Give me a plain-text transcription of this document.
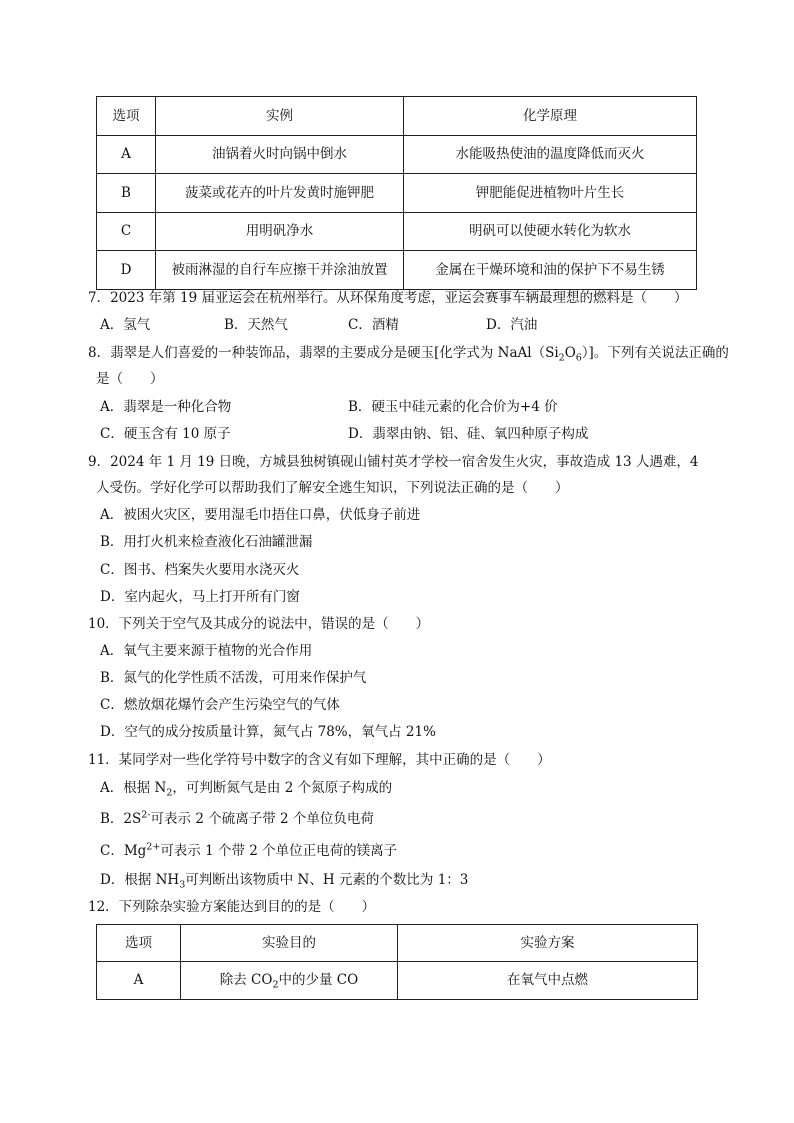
选项	实例	化学原理
A	油锅着火时向锅中倒水	水能吸热使油的温度降低而灭火
B	菠菜或花卉的叶片发黄时施钾肥	钾肥能促进植物叶片生长
C	用明矾净水	明矾可以使硬水转化为软水
D	被雨淋湿的自行车应擦干并涂油放置	金属在干燥环境和油的保护下不易生锈
7．2023 年第 19 届亚运会在杭州举行。从环保角度考虑，亚运会赛事车辆最理想的燃料是（　　）
A．氢气	B．天然气	C．酒精	D．汽油
8．翡翠是人们喜爱的一种装饰品，翡翠的主要成分是硬玉[化学式为 $NaAl(Si_2O_6)$]。下列有关说法正确的
是（　　）
A．翡翠是一种化合物	B．硬玉中硅元素的化合价为+4 价
C．硬玉含有 10 原子	D．翡翠由钠、铝、硅、氧四种原子构成
9．2024 年 1 月 19 日晚，方城县独树镇砚山铺村英才学校一宿舍发生火灾，事故造成 13 人遇难，4
人受伤。学好化学可以帮助我们了解安全逃生知识，下列说法正确的是（　　）
A．被困火灾区，要用湿毛巾捂住口鼻，伏低身子前进
B．用打火机来检查液化石油罐泄漏
C．图书、档案失火要用水浇灭火
D．室内起火，马上打开所有门窗
10．下列关于空气及其成分的说法中，错误的是（　　）
A．氧气主要来源于植物的光合作用
B．氮气的化学性质不活泼，可用来作保护气
C．燃放烟花爆竹会产生污染空气的气体
D．空气的成分按质量计算，氮气占 78%，氧气占 21%
11．某同学对一些化学符号中数字的含义有如下理解，其中正确的是（　　）
A．根据 $N_2$，可判断氮气是由 2 个氮原子构成的
B．$2S^{2-}$可表示 2 个硫离子带 2 个单位负电荷
C．$Mg^{2+}$可表示 1 个带 2 个单位正电荷的镁离子
D．根据 $NH_3$可判断出该物质中 N、H 元素的个数比为 1：3
12．下列除杂实验方案能达到目的的是（　　）
选项	实验目的	实验方案
A	除去 $CO_2$中的少量 CO	在氧气中点燃
